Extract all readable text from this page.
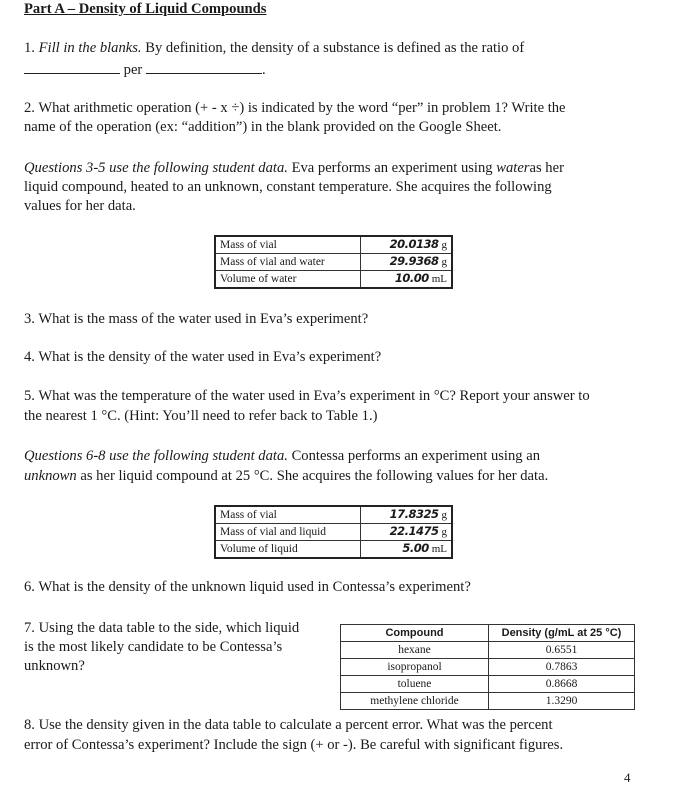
Part A – Density of Liquid Compounds
1. Fill in the blanks. By definition, the density of a substance is defined as the ratio of
per	.
2. What arithmetic operation (+ - x ÷) is indicated by the word “per” in problem 1? Write the
name of the operation (ex: “addition”) in the blank provided on the Google Sheet.
Questions 3-5 use the following student data. Eva performs an experiment using wateras her
liquid compound, heated to an unknown, constant temperature. She acquires the following
values for her data.
Mass of vial	20.0138 g
Mass of vial and water	29.9368 g
Volume of water	10.00 mL
3. What is the mass of the water used in Eva’s experiment?
4. What is the density of the water used in Eva’s experiment?
5. What was the temperature of the water used in Eva’s experiment in °C? Report your answer to
the nearest 1 °C. (Hint: You’ll need to refer back to Table 1.)
Questions 6-8 use the following student data. Contessa performs an experiment using an
unknown as her liquid compound at 25 °C. She acquires the following values for her data.
Mass of vial	17.8325 g
Mass of vial and liquid	22.1475 g
Volume of liquid	5.00 mL
6. What is the density of the unknown liquid used in Contessa’s experiment?
7. Using the data table to the side, which liquid
is the most likely candidate to be Contessa’s
unknown?
Compound	Density (g/mL at 25 °C)
hexane	0.6551
isopropanol	0.7863
toluene	0.8668
methylene chloride	1.3290
8. Use the density given in the data table to calculate a percent error. What was the percent
error of Contessa’s experiment? Include the sign (+ or -). Be careful with significant figures.
4
